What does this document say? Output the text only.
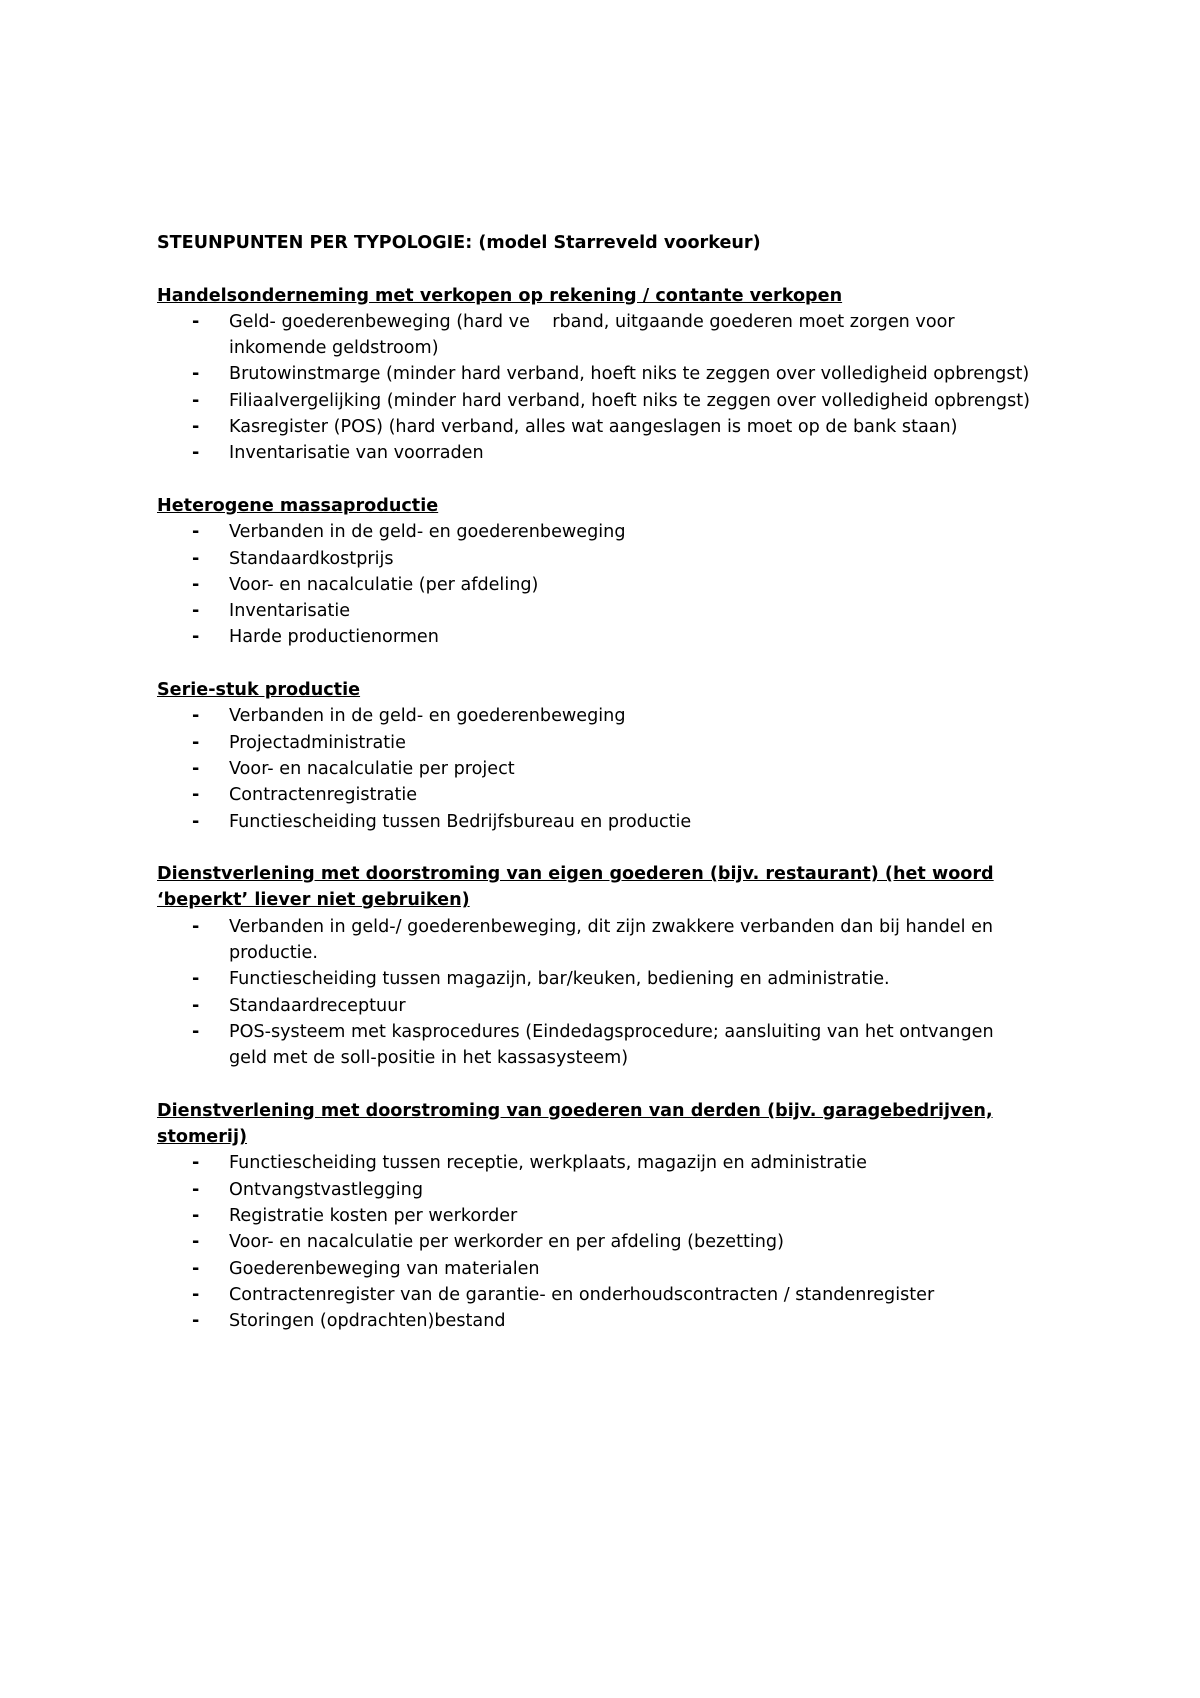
STEUNPUNTEN PER TYPOLOGIE: (model Starreveld voorkeur)

Handelsonderneming met verkopen op rekening / contante verkopen

- Geld- goederenbeweging (hard ve    rband, uitgaande goederen moet zorgen voor inkomende geldstroom)
- Brutowinstmarge (minder hard verband, hoeft niks te zeggen over volledigheid opbrengst)
- Filiaalvergelijking (minder hard verband, hoeft niks te zeggen over volledigheid opbrengst)
- Kasregister (POS) (hard verband, alles wat aangeslagen is moet op de bank staan)
- Inventarisatie van voorraden

Heterogene massaproductie

- Verbanden in de geld- en goederenbeweging
- Standaardkostprijs
- Voor- en nacalculatie (per afdeling)
- Inventarisatie
- Harde productienormen

Serie-stuk productie

- Verbanden in de geld- en goederenbeweging
- Projectadministratie
- Voor- en nacalculatie per project
- Contractenregistratie
- Functiescheiding tussen Bedrijfsbureau en productie

Dienstverlening met doorstroming van eigen goederen (bijv. restaurant) (het woord ‘beperkt’ liever niet gebruiken)

- Verbanden in geld-/ goederenbeweging, dit zijn zwakkere verbanden dan bij handel en productie.
- Functiescheiding tussen magazijn, bar/keuken, bediening en administratie.
- Standaardreceptuur
- POS-systeem met kasprocedures (Eindedagsprocedure; aansluiting van het ontvangen geld met de soll-positie in het kassasysteem)

Dienstverlening met doorstroming van goederen van derden (bijv. garagebedrijven, stomerij)

- Functiescheiding tussen receptie, werkplaats, magazijn en administratie
- Ontvangstvastlegging
- Registratie kosten per werkorder
- Voor- en nacalculatie per werkorder en per afdeling (bezetting)
- Goederenbeweging van materialen
- Contractenregister van de garantie- en onderhoudscontracten / standenregister
- Storingen (opdrachten)bestand
